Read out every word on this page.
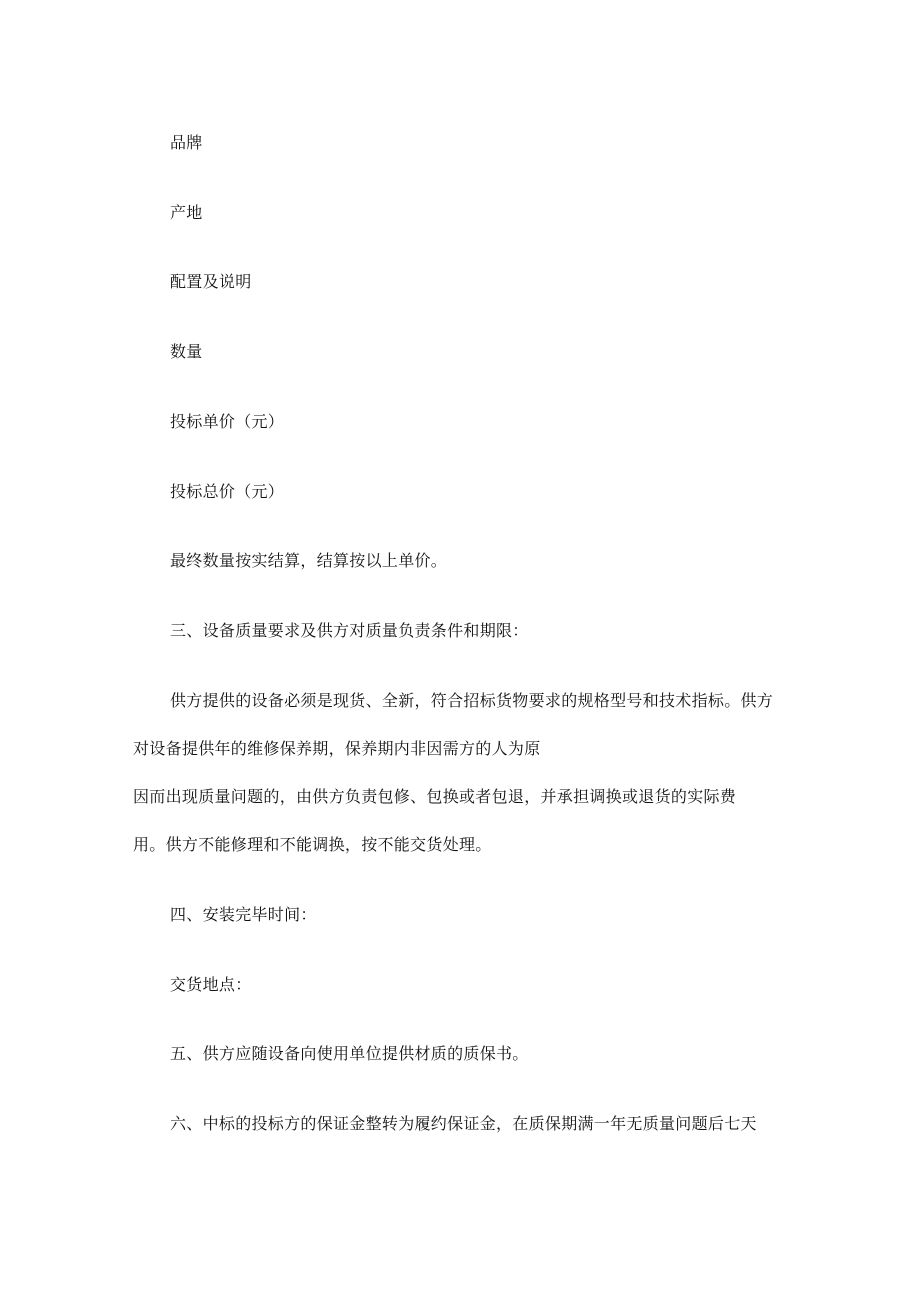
品牌
产地
配置及说明
数量
投标单价（元）
投标总价（元）
最终数量按实结算，结算按以上单价。
三、设备质量要求及供方对质量负责条件和期限：
供方提供的设备必须是现货、全新，符合招标货物要求的规格型号和技术指标。供方
对设备提供年的维修保养期，保养期内非因需方的人为原
因而出现质量问题的，由供方负责包修、包换或者包退，并承担调换或退货的实际费
用。供方不能修理和不能调换，按不能交货处理。
四、安装完毕时间：
交货地点：
五、供方应随设备向使用单位提供材质的质保书。
六、中标的投标方的保证金整转为履约保证金，在质保期满一年无质量问题后七天
